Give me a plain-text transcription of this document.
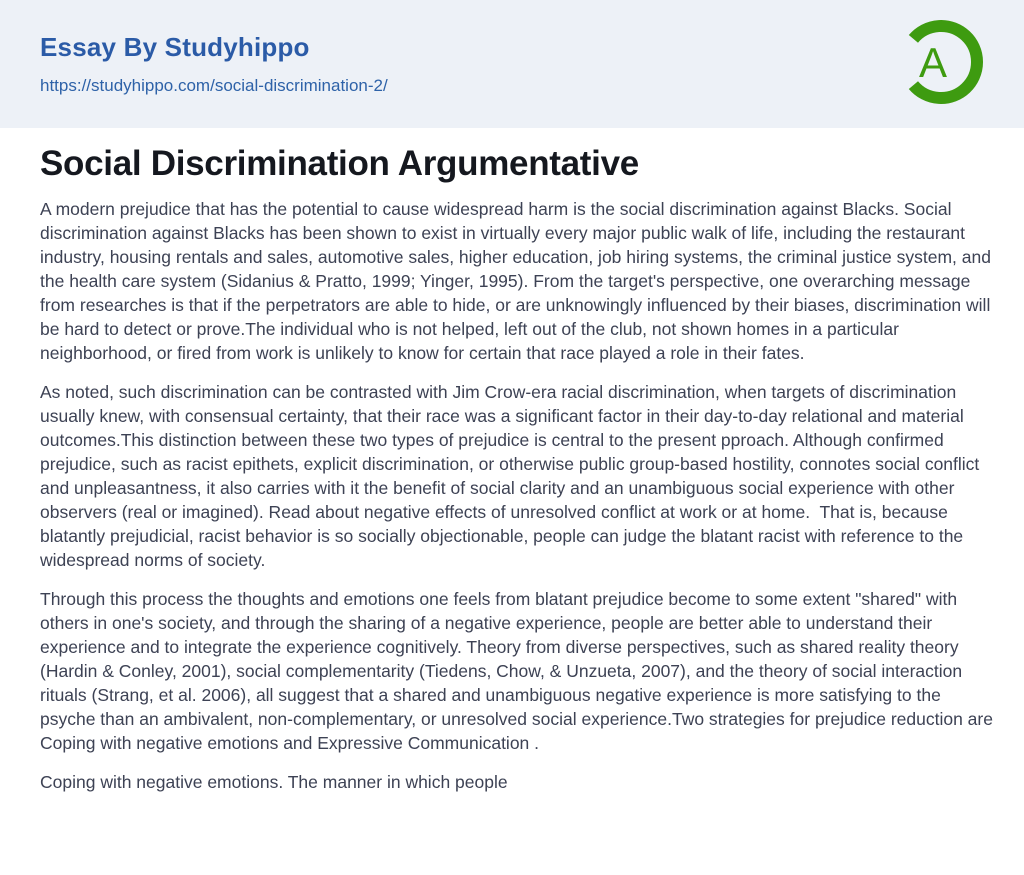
Essay By Studyhippo
https://studyhippo.com/social-discrimination-2/	A
Social Discrimination Argumentative

A modern prejudice that has the potential to cause widespread harm is the social discrimination against Blacks. Social discrimination against Blacks has been shown to exist in virtually every major public walk of life, including the restaurant industry, housing rentals and sales, automotive sales, higher education, job hiring systems, the criminal justice system, and the health care system (Sidanius & Pratto, 1999; Yinger, 1995). From the target's perspective, one overarching message from researches is that if the perpetrators are able to hide, or are unknowingly influenced by their biases, discrimination will be hard to detect or prove.The individual who is not helped, left out of the club, not shown homes in a particular neighborhood, or fired from work is unlikely to know for certain that race played a role in their fates.

As noted, such discrimination can be contrasted with Jim Crow-era racial discrimination, when targets of discrimination usually knew, with consensual certainty, that their race was a significant factor in their day-to-day relational and material outcomes.This distinction between these two types of prejudice is central to the present pproach. Although confirmed prejudice, such as racist epithets, explicit discrimination, or otherwise public group-based hostility, connotes social conflict and unpleasantness, it also carries with it the benefit of social clarity and an unambiguous social experience with other observers (real or imagined). Read about negative effects of unresolved conflict at work or at home.  That is, because blatantly prejudicial, racist behavior is so socially objectionable, people can judge the blatant racist with reference to the widespread norms of society.

Through this process the thoughts and emotions one feels from blatant prejudice become to some extent "shared" with others in one's society, and through the sharing of a negative experience, people are better able to understand their experience and to integrate the experience cognitively. Theory from diverse perspectives, such as shared reality theory (Hardin & Conley, 2001), social complementarity (Tiedens, Chow, & Unzueta, 2007), and the theory of social interaction rituals (Strang, et al. 2006), all suggest that a shared and unambiguous negative experience is more satisfying to the psyche than an ambivalent, non-complementary, or unresolved social experience.Two strategies for prejudice reduction are Coping with negative emotions and Expressive Communication .

Coping with negative emotions. The manner in which people
